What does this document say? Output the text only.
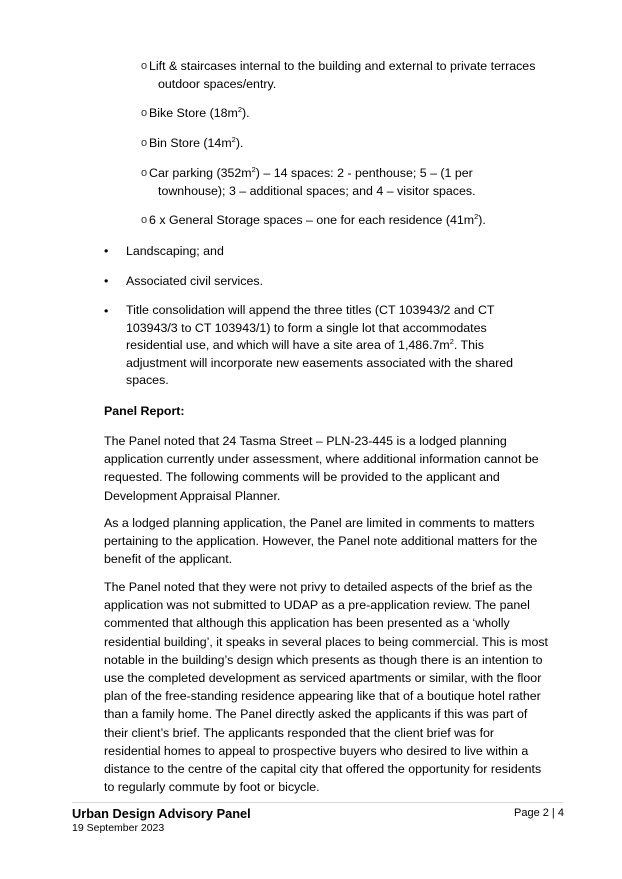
o Lift & staircases internal to the building and external to private terraces
outdoor spaces/entry.
o Bike Store $(18m^2)$.
o Bin Store $(14m^2)$.
o Car parking $(352m^2) - 14$ spaces: 2 - penthouse; 5 – (1 per
townhouse); 3 – additional spaces; and 4 – visitor spaces.
o 6 x General Storage spaces – one for each residence $(41m^2)$.
• Landscaping; and
• Associated civil services.
• Title consolidation will append the three titles (CT 103943/2 and CT 103943/3 to CT 103943/1) to form a single lot that accommodates residential use, and which will have a site area of $1,486.7m^2$. This adjustment will incorporate new easements associated with the shared spaces.
Panel Report:
The Panel noted that 24 Tasma Street – PLN-23-445 is a lodged planning application currently under assessment, where additional information cannot be requested. The following comments will be provided to the applicant and Development Appraisal Planner.
As a lodged planning application, the Panel are limited in comments to matters pertaining to the application. However, the Panel note additional matters for the benefit of the applicant.
The Panel noted that they were not privy to detailed aspects of the brief as the application was not submitted to UDAP as a pre-application review. The panel commented that although this application has been presented as a ‘wholly residential building’, it speaks in several places to being commercial. This is most notable in the building’s design which presents as though there is an intention to use the completed development as serviced apartments or similar, with the floor plan of the free-standing residence appearing like that of a boutique hotel rather than a family home. The Panel directly asked the applicants if this was part of their client’s brief. The applicants responded that the client brief was for residential homes to appeal to prospective buyers who desired to live within a distance to the centre of the capital city that offered the opportunity for residents to regularly commute by foot or bicycle.
Urban Design Advisory Panel
19 September 2023
Page 2 | 4
